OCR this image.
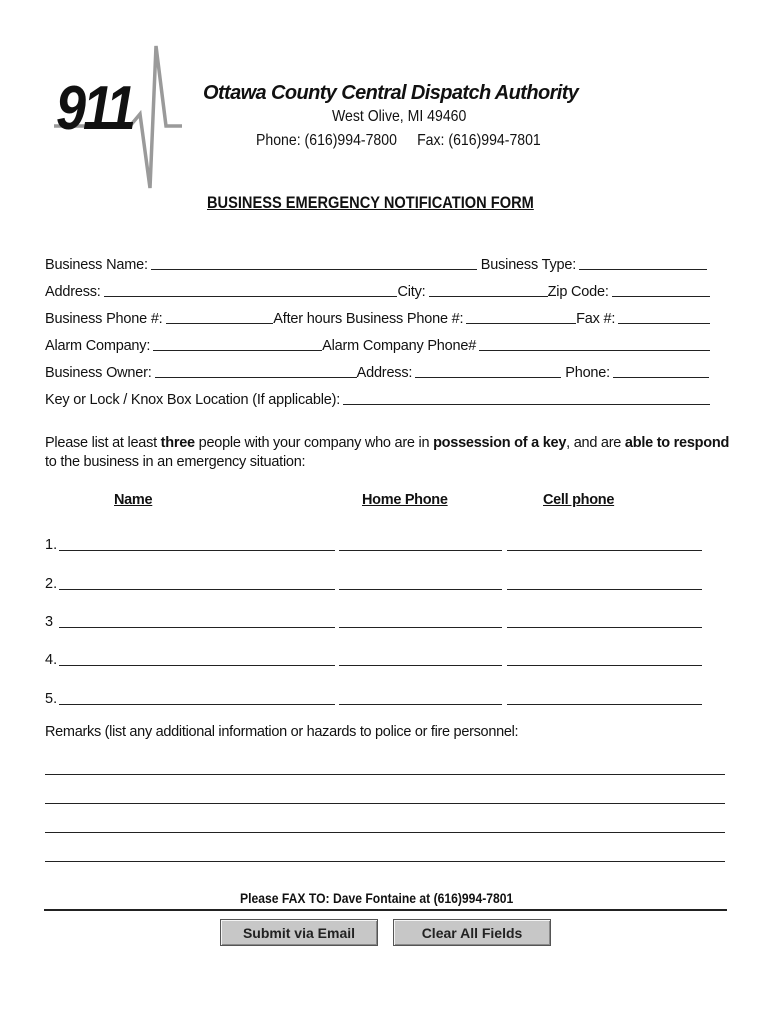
911	Ottawa County Central Dispatch Authority
West Olive, MI 49460
Phone: (616)994-7800 Fax: (616)994-7801
BUSINESS EMERGENCY NOTIFICATION FORM
Business Name:	Business Type:
Address:	City:	Zip Code:
Business Phone #:	After hours Business Phone #:	Fax #:
Alarm Company:	Alarm Company Phone#
Business Owner:	Address:	Phone:
Key or Lock / Knox Box Location (If applicable):
Please list at least three people with your company who are in possession of a key, and are able to respond to the business in an emergency situation:
Name	Home Phone	Cell phone
1.
2.
3
4.
5.
Remarks (list any additional information or hazards to police or fire personnel:
Please FAX TO: Dave Fontaine at (616)994-7801
Submit via Email	Clear All Fields
